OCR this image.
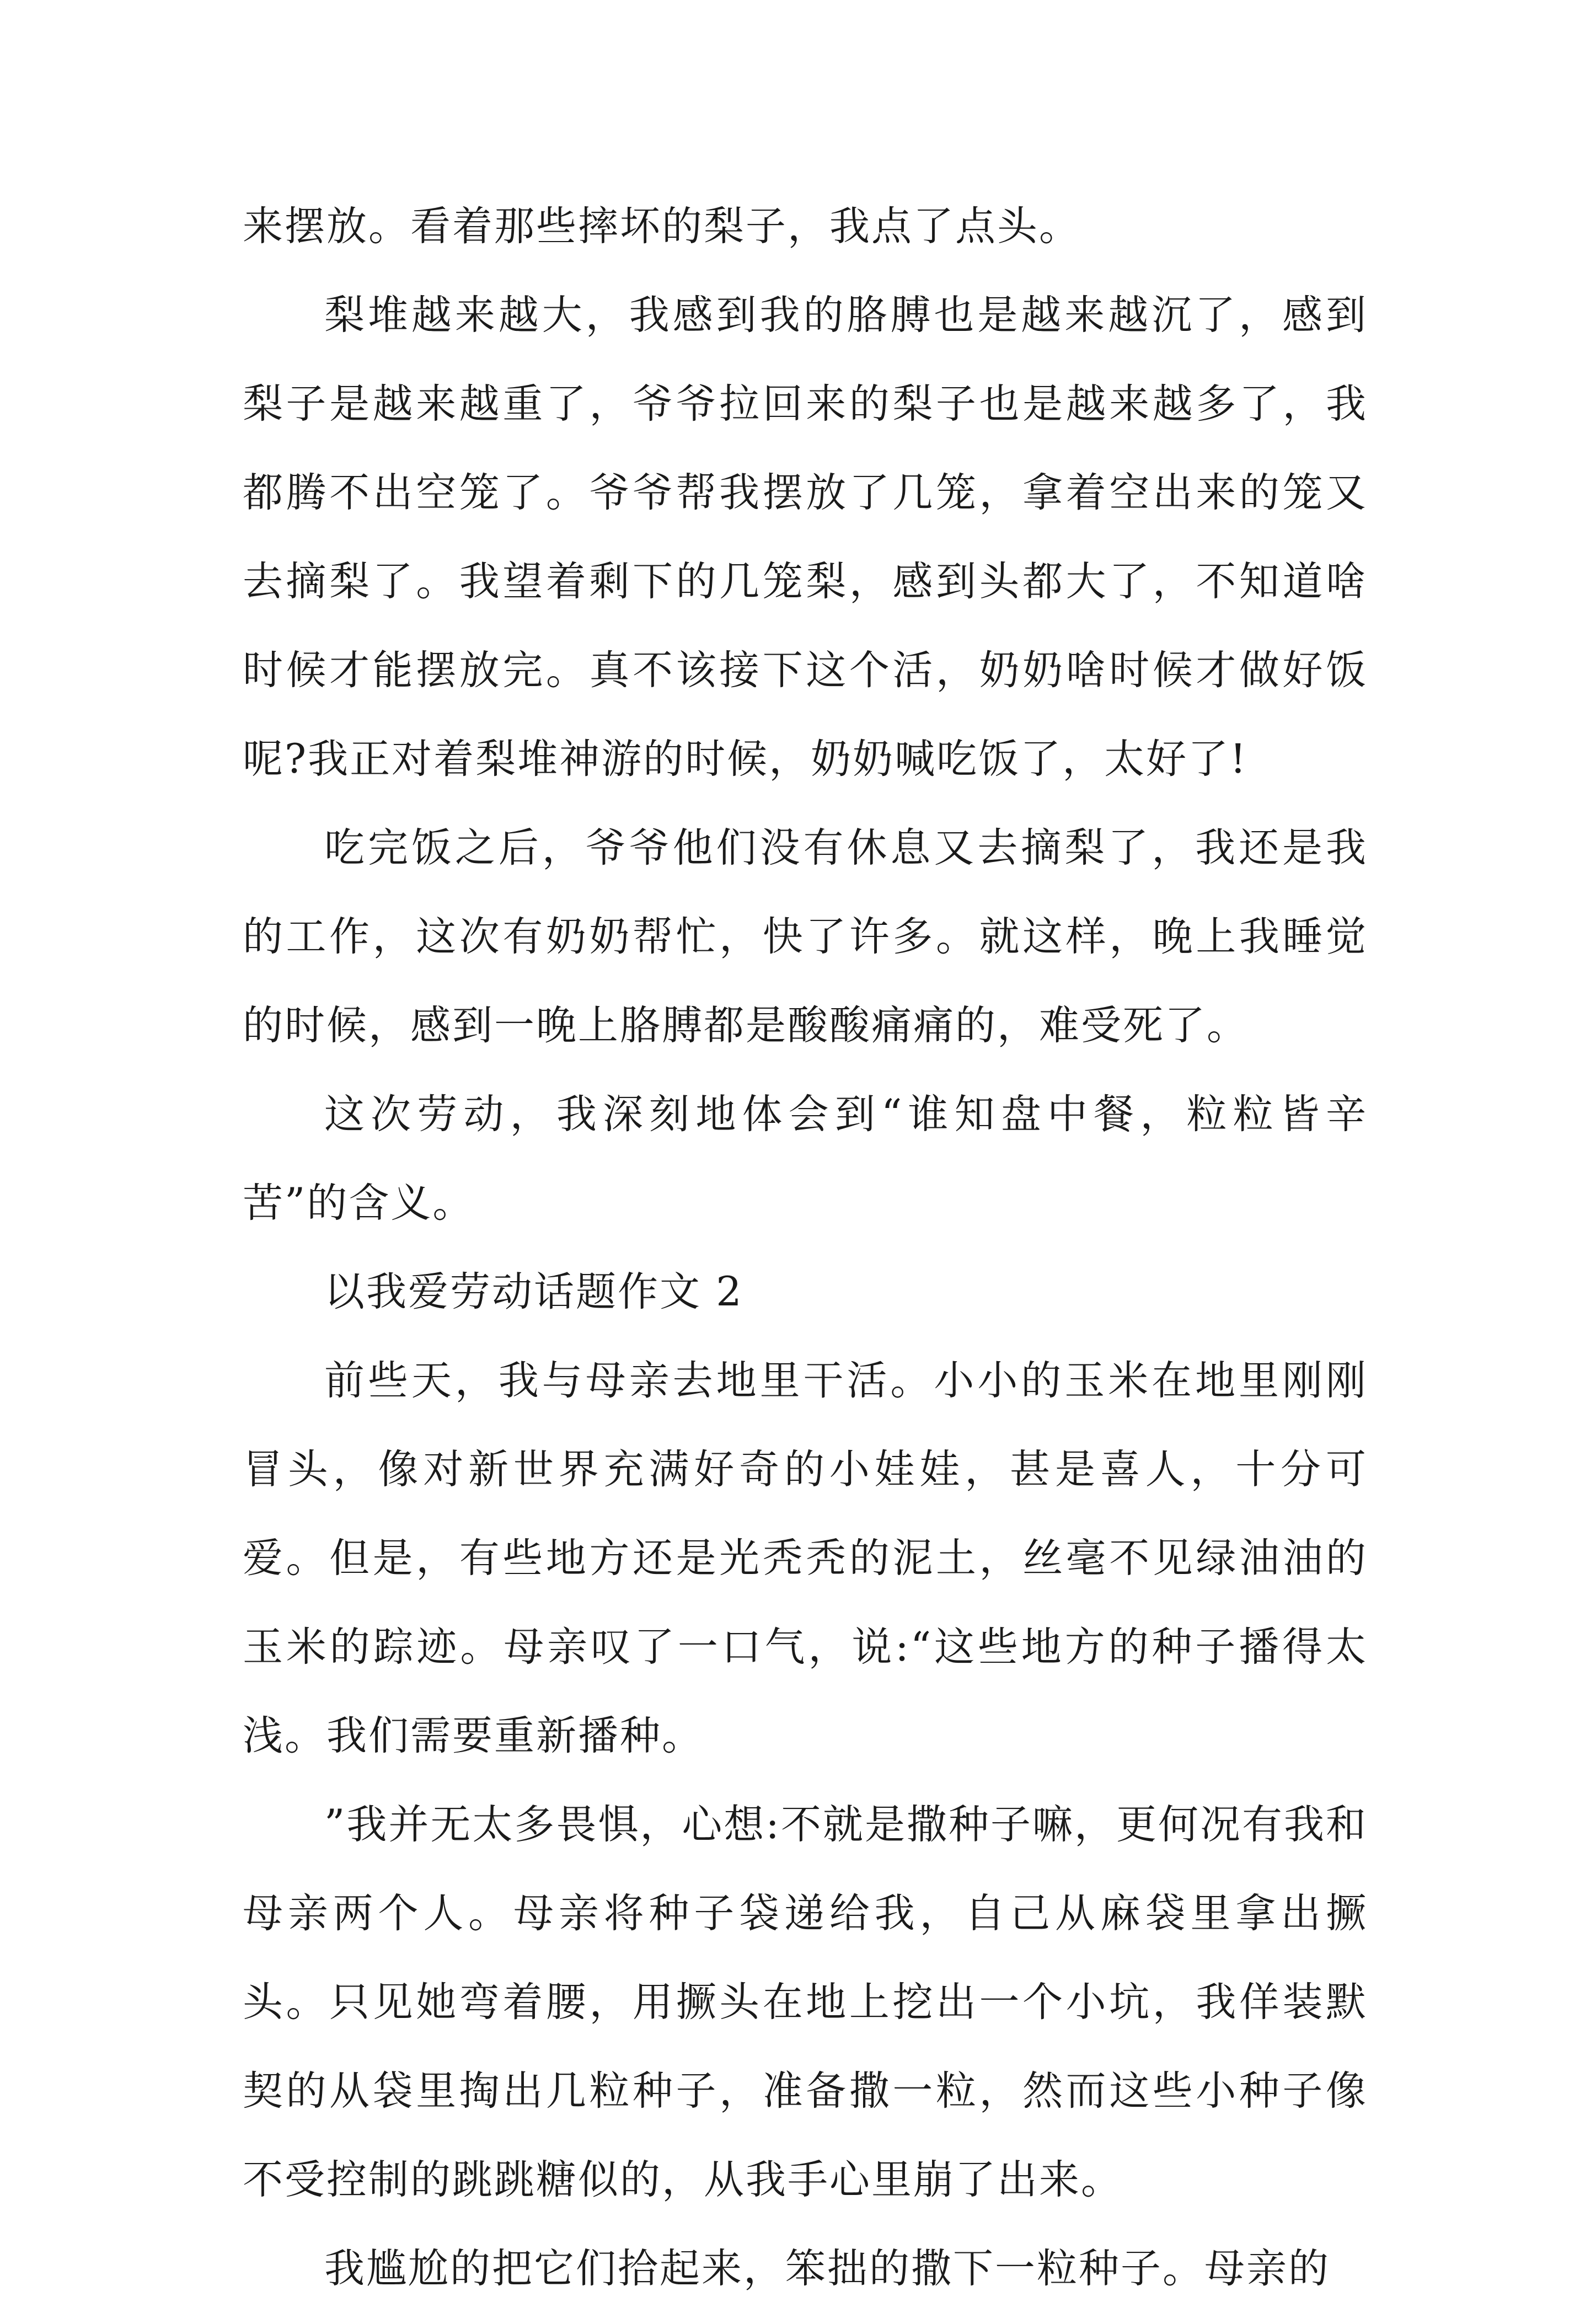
来摆放。看着那些摔坏的梨子，我点了点头。

梨堆越来越大，我感到我的胳膊也是越来越沉了，感到梨子是越来越重了，爷爷拉回来的梨子也是越来越多了，我都腾不出空笼了。爷爷帮我摆放了几笼，拿着空出来的笼又去摘梨了。我望着剩下的几笼梨，感到头都大了，不知道啥时候才能摆放完。真不该接下这个活，奶奶啥时候才做好饭呢?我正对着梨堆神游的时候，奶奶喊吃饭了，太好了!

吃完饭之后，爷爷他们没有休息又去摘梨了，我还是我的工作，这次有奶奶帮忙，快了许多。就这样，晚上我睡觉的时候，感到一晚上胳膊都是酸酸痛痛的，难受死了。

这次劳动，我深刻地体会到“谁知盘中餐，粒粒皆辛苦”的含义。

以我爱劳动话题作文 2

前些天，我与母亲去地里干活。小小的玉米在地里刚刚冒头，像对新世界充满好奇的小娃娃，甚是喜人，十分可爱。但是，有些地方还是光秃秃的泥土，丝毫不见绿油油的玉米的踪迹。母亲叹了一口气，说:“这些地方的种子播得太浅。我们需要重新播种。

”我并无太多畏惧，心想:不就是撒种子嘛，更何况有我和母亲两个人。母亲将种子袋递给我，自己从麻袋里拿出撅头。只见她弯着腰，用撅头在地上挖出一个小坑，我佯装默契的从袋里掏出几粒种子，准备撒一粒，然而这些小种子像不受控制的跳跳糖似的，从我手心里崩了出来。

我尴尬的把它们拾起来，笨拙的撒下一粒种子。母亲的
